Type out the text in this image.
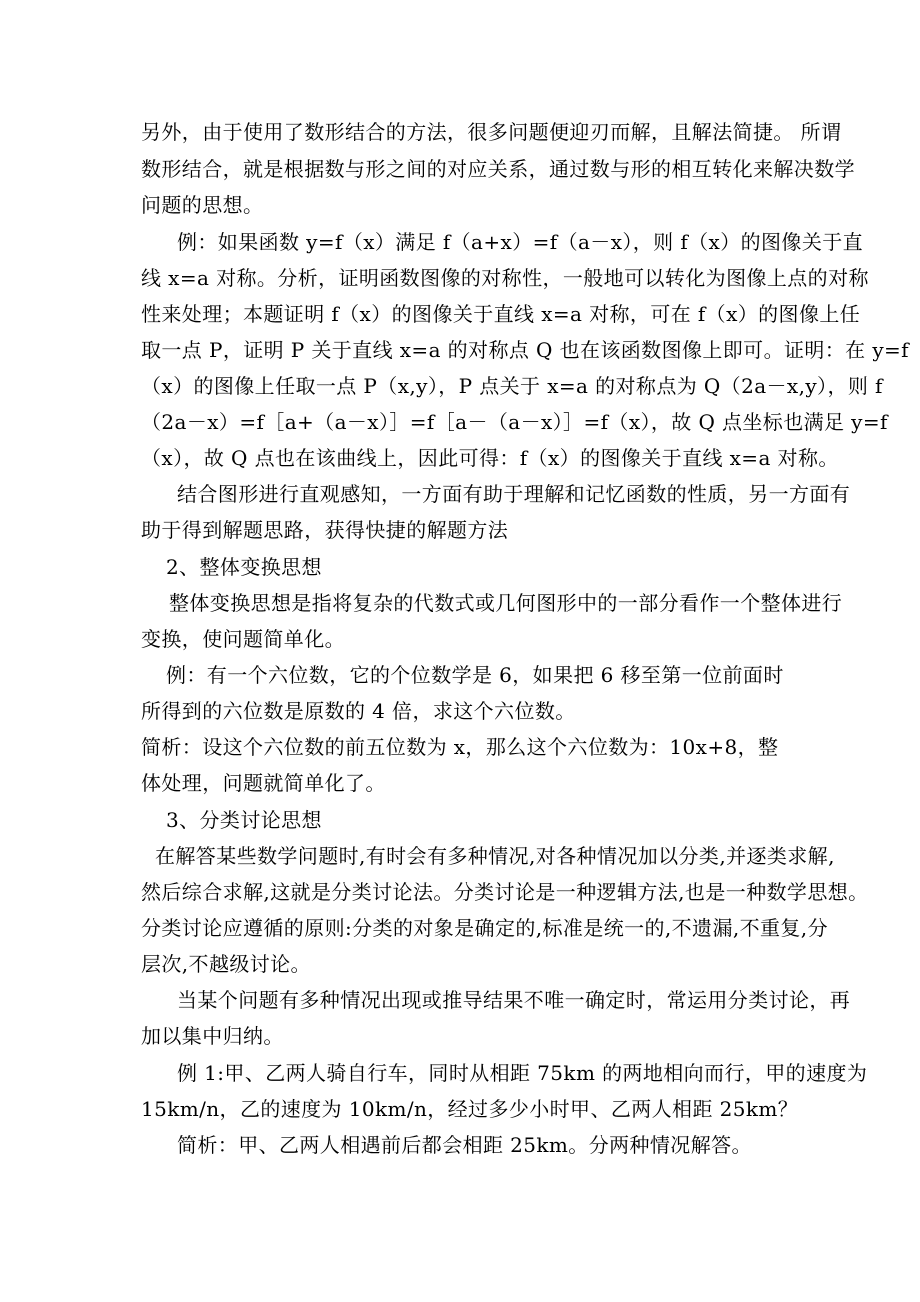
另外，由于使用了数形结合的方法，很多问题便迎刃而解，且解法简捷。 所谓
数形结合，就是根据数与形之间的对应关系，通过数与形的相互转化来解决数学
问题的思想。
例：如果函数 y=f（x）满足 f（a+x）=f（a－x），则 f（x）的图像关于直
线 x=a 对称。分析，证明函数图像的对称性，一般地可以转化为图像上点的对称
性来处理；本题证明 f（x）的图像关于直线 x=a 对称，可在 f（x）的图像上任
取一点 P，证明 P 关于直线 x=a 的对称点 Q 也在该函数图像上即可。证明：在 y=f
（x）的图像上任取一点 P（x,y），P 点关于 x=a 的对称点为 Q（2a－x,y），则 f
（2a－x）=f［a+（a－x）］=f［a－（a－x）］=f（x），故 Q 点坐标也满足 y=f
（x），故 Q 点也在该曲线上，因此可得：f（x）的图像关于直线 x=a 对称。
结合图形进行直观感知，一方面有助于理解和记忆函数的性质，另一方面有
助于得到解题思路，获得快捷的解题方法
2、整体变换思想
整体变换思想是指将复杂的代数式或几何图形中的一部分看作一个整体进行
变换，使问题简单化。
例：有一个六位数，它的个位数学是 6，如果把 6 移至第一位前面时
所得到的六位数是原数的 4 倍，求这个六位数。
简析：设这个六位数的前五位数为 x，那么这个六位数为：10x+8，整
体处理，问题就简单化了。
3、分类讨论思想
在解答某些数学问题时,有时会有多种情况,对各种情况加以分类,并逐类求解,
然后综合求解,这就是分类讨论法。分类讨论是一种逻辑方法,也是一种数学思想。
分类讨论应遵循的原则:分类的对象是确定的,标准是统一的,不遗漏,不重复,分
层次,不越级讨论。
当某个问题有多种情况出现或推导结果不唯一确定时，常运用分类讨论，再
加以集中归纳。
例 1:甲、乙两人骑自行车，同时从相距 75km 的两地相向而行，甲的速度为
15km/n，乙的速度为 10km/n，经过多少小时甲、乙两人相距 25km？
简析：甲、乙两人相遇前后都会相距 25km。分两种情况解答。
